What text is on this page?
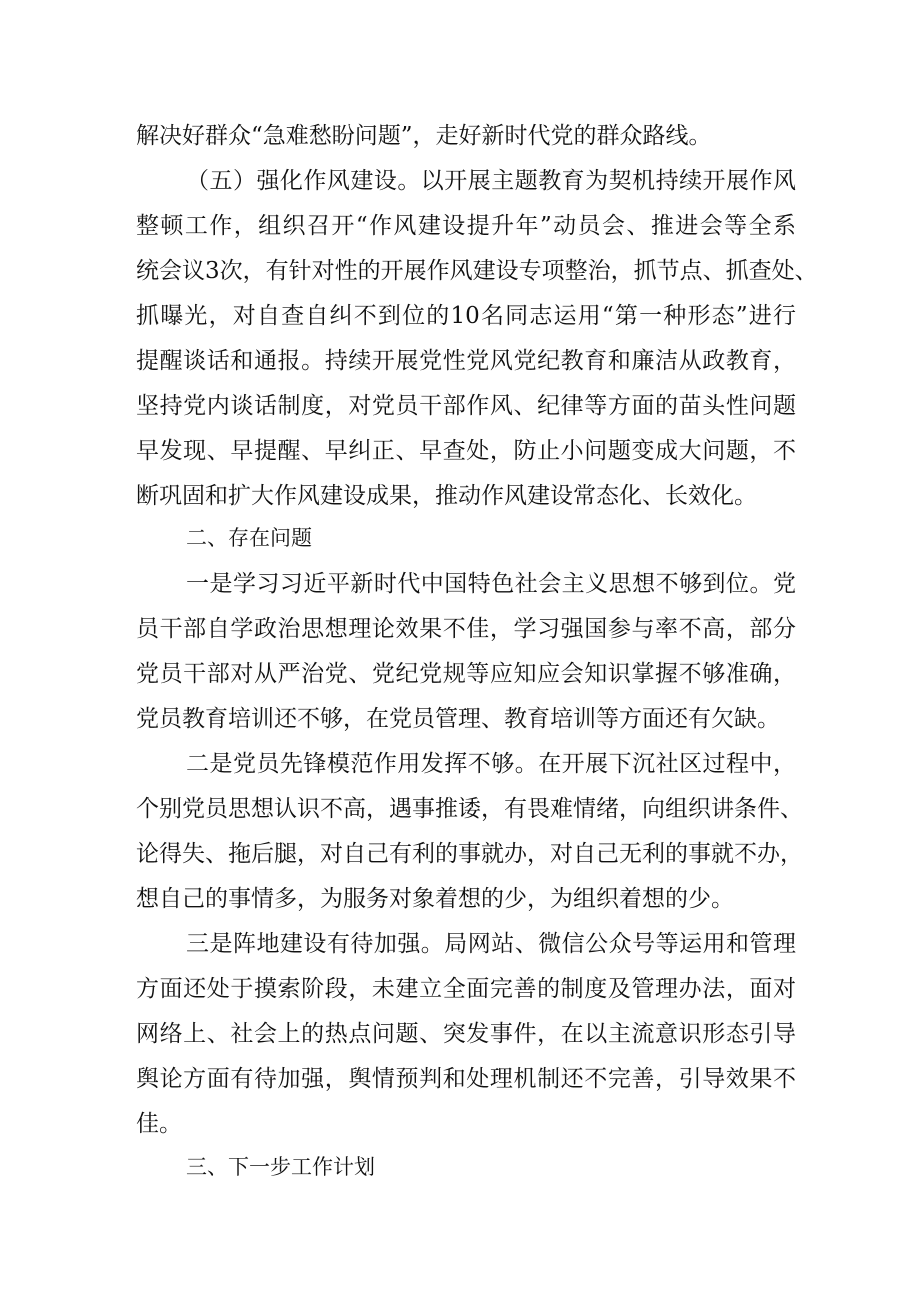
解决好群众“急难愁盼问题”，走好新时代党的群众路线。
（五）强化作风建设。以开展主题教育为契机持续开展作风
整顿工作，组织召开“作风建设提升年”动员会、推进会等全系
统会议3次，有针对性的开展作风建设专项整治，抓节点、抓查处、
抓曝光，对自查自纠不到位的10名同志运用“第一种形态”进行
提醒谈话和通报。持续开展党性党风党纪教育和廉洁从政教育，
坚持党内谈话制度，对党员干部作风、纪律等方面的苗头性问题
早发现、早提醒、早纠正、早查处，防止小问题变成大问题，不
断巩固和扩大作风建设成果，推动作风建设常态化、长效化。
二、存在问题
一是学习习近平新时代中国特色社会主义思想不够到位。党
员干部自学政治思想理论效果不佳，学习强国参与率不高，部分
党员干部对从严治党、党纪党规等应知应会知识掌握不够准确，
党员教育培训还不够，在党员管理、教育培训等方面还有欠缺。
二是党员先锋模范作用发挥不够。在开展下沉社区过程中，
个别党员思想认识不高，遇事推诿，有畏难情绪，向组织讲条件、
论得失、拖后腿，对自己有利的事就办，对自己无利的事就不办，
想自己的事情多，为服务对象着想的少，为组织着想的少。
三是阵地建设有待加强。局网站、微信公众号等运用和管理
方面还处于摸索阶段，未建立全面完善的制度及管理办法，面对
网络上、社会上的热点问题、突发事件，在以主流意识形态引导
舆论方面有待加强，舆情预判和处理机制还不完善，引导效果不
佳。
三、下一步工作计划
